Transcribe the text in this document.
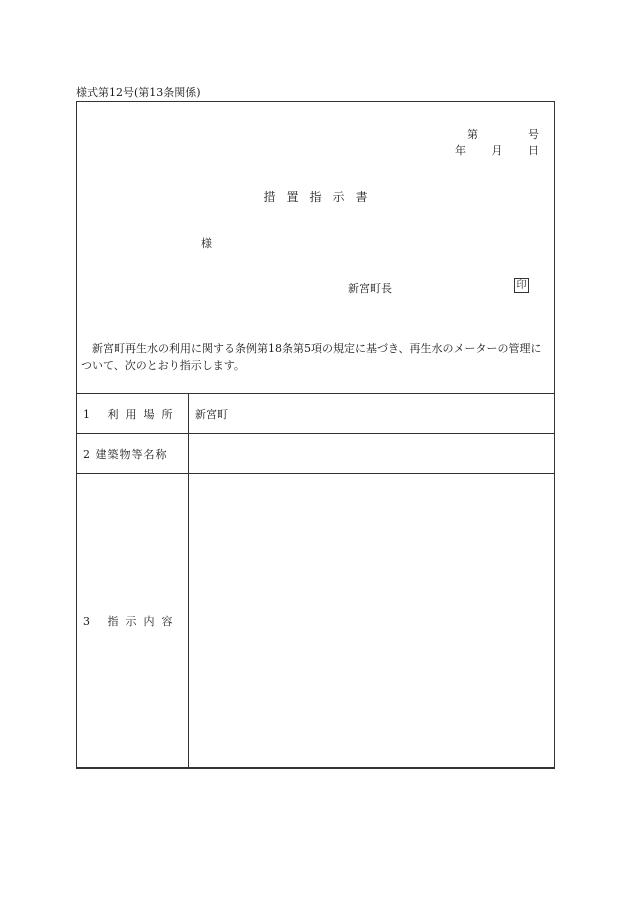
様式第12号(第13条関係)
第	号
年 月 日
措置指示書
様
新宮町長	印
新宮町再生水の利用に関する条例第18条第5項の規定に基づき、再生水のメーターの管理について、次のとおり指示します。
1 利用場所	新宮町
2 建築物等名称	
3 指示内容	
